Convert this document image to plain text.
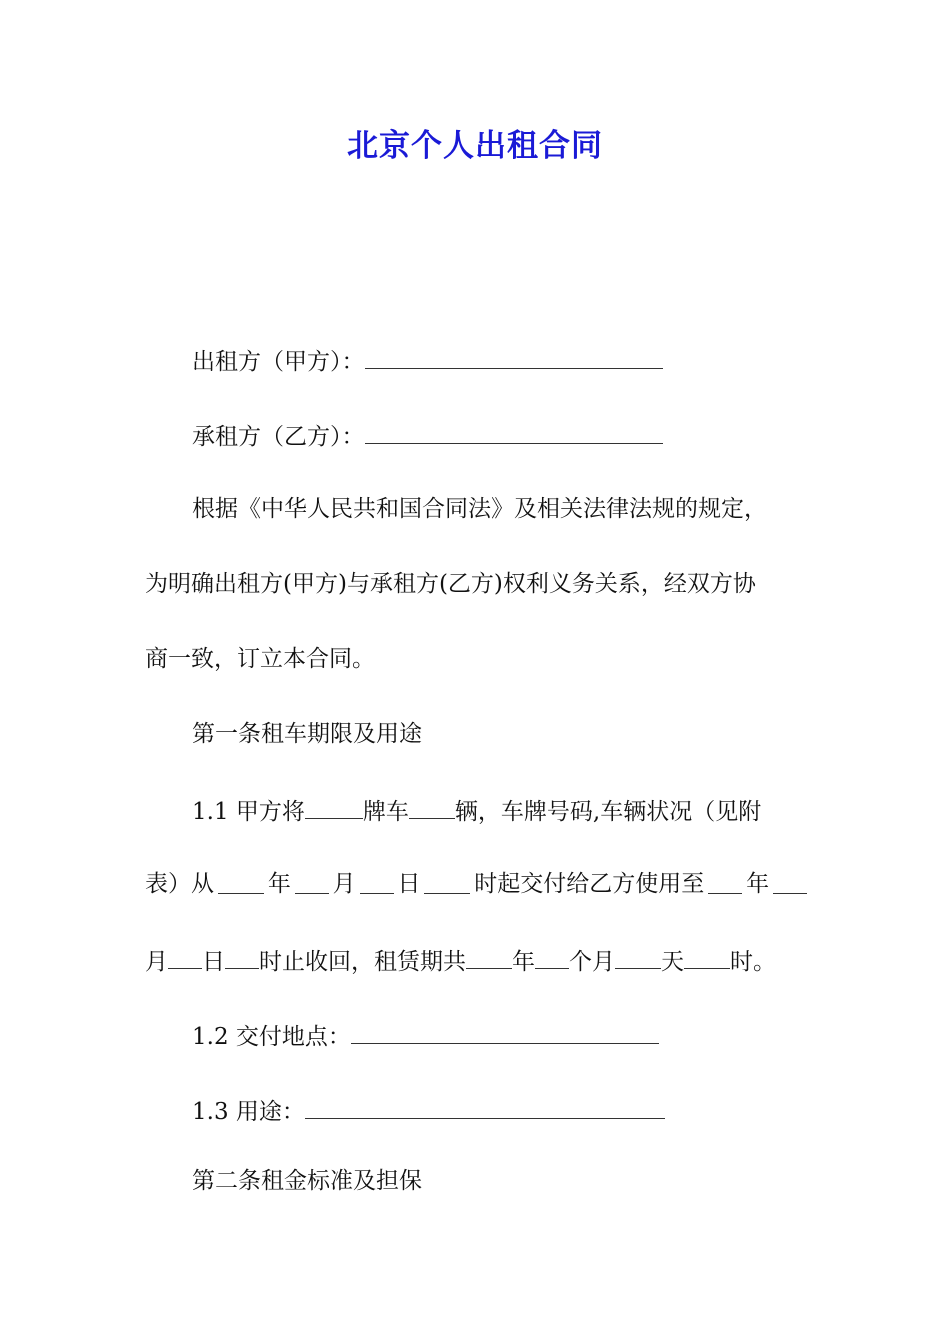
北京个人出租合同
出租方（甲方）：
承租方（乙方）：
根据《中华人民共和国合同法》及相关法律法规的规定，
为明确出租方(甲方)与承租方(乙方)权利义务关系，经双方协
商一致，订立本合同。
第一条租车期限及用途
1.1 甲方将	牌车 辆，车牌号码,车辆状况（见附
表）从 年 月 日 时起交付给乙方使用至 年
月 日 时止收回，租赁期共 年 个月 天 时。
1.2 交付地点：
1.3 用途：
第二条租金标准及担保
